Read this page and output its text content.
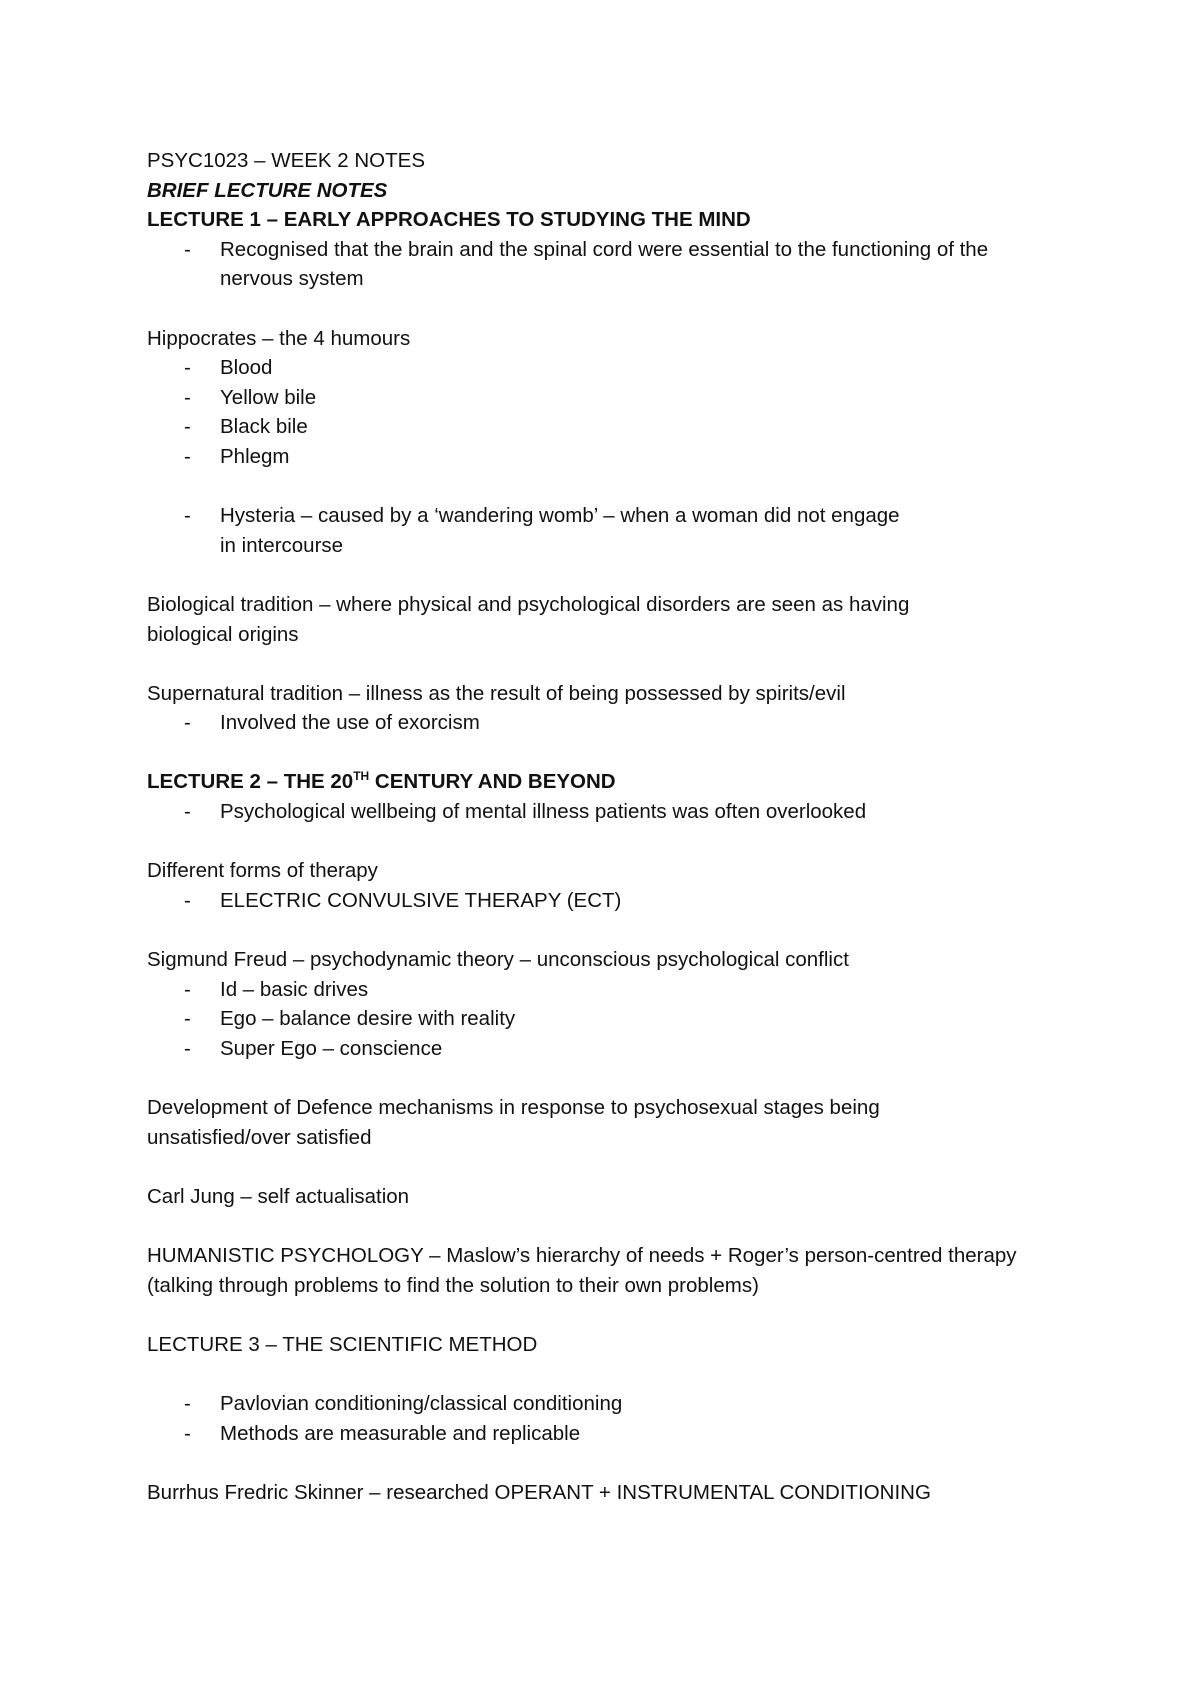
PSYC1023 – WEEK 2 NOTES
BRIEF LECTURE NOTES
LECTURE 1 – EARLY APPROACHES TO STUDYING THE MIND
- Recognised that the brain and the spinal cord were essential to the functioning of the nervous system
Hippocrates – the 4 humours
- Blood
- Yellow bile
- Black bile
- Phlegm
- Hysteria – caused by a ‘wandering womb’ – when a woman did not engage in intercourse
Biological tradition – where physical and psychological disorders are seen as having biological origins
Supernatural tradition – illness as the result of being possessed by spirits/evil
- Involved the use of exorcism
LECTURE 2 – THE 20TH CENTURY AND BEYOND
- Psychological wellbeing of mental illness patients was often overlooked
Different forms of therapy
- ELECTRIC CONVULSIVE THERAPY (ECT)
Sigmund Freud – psychodynamic theory – unconscious psychological conflict
- Id – basic drives
- Ego – balance desire with reality
- Super Ego – conscience
Development of Defence mechanisms in response to psychosexual stages being unsatisfied/over satisfied
Carl Jung – self actualisation
HUMANISTIC PSYCHOLOGY – Maslow’s hierarchy of needs + Roger’s person-centred therapy (talking through problems to find the solution to their own problems)
LECTURE 3 – THE SCIENTIFIC METHOD
- Pavlovian conditioning/classical conditioning
- Methods are measurable and replicable
Burrhus Fredric Skinner – researched OPERANT + INSTRUMENTAL CONDITIONING
